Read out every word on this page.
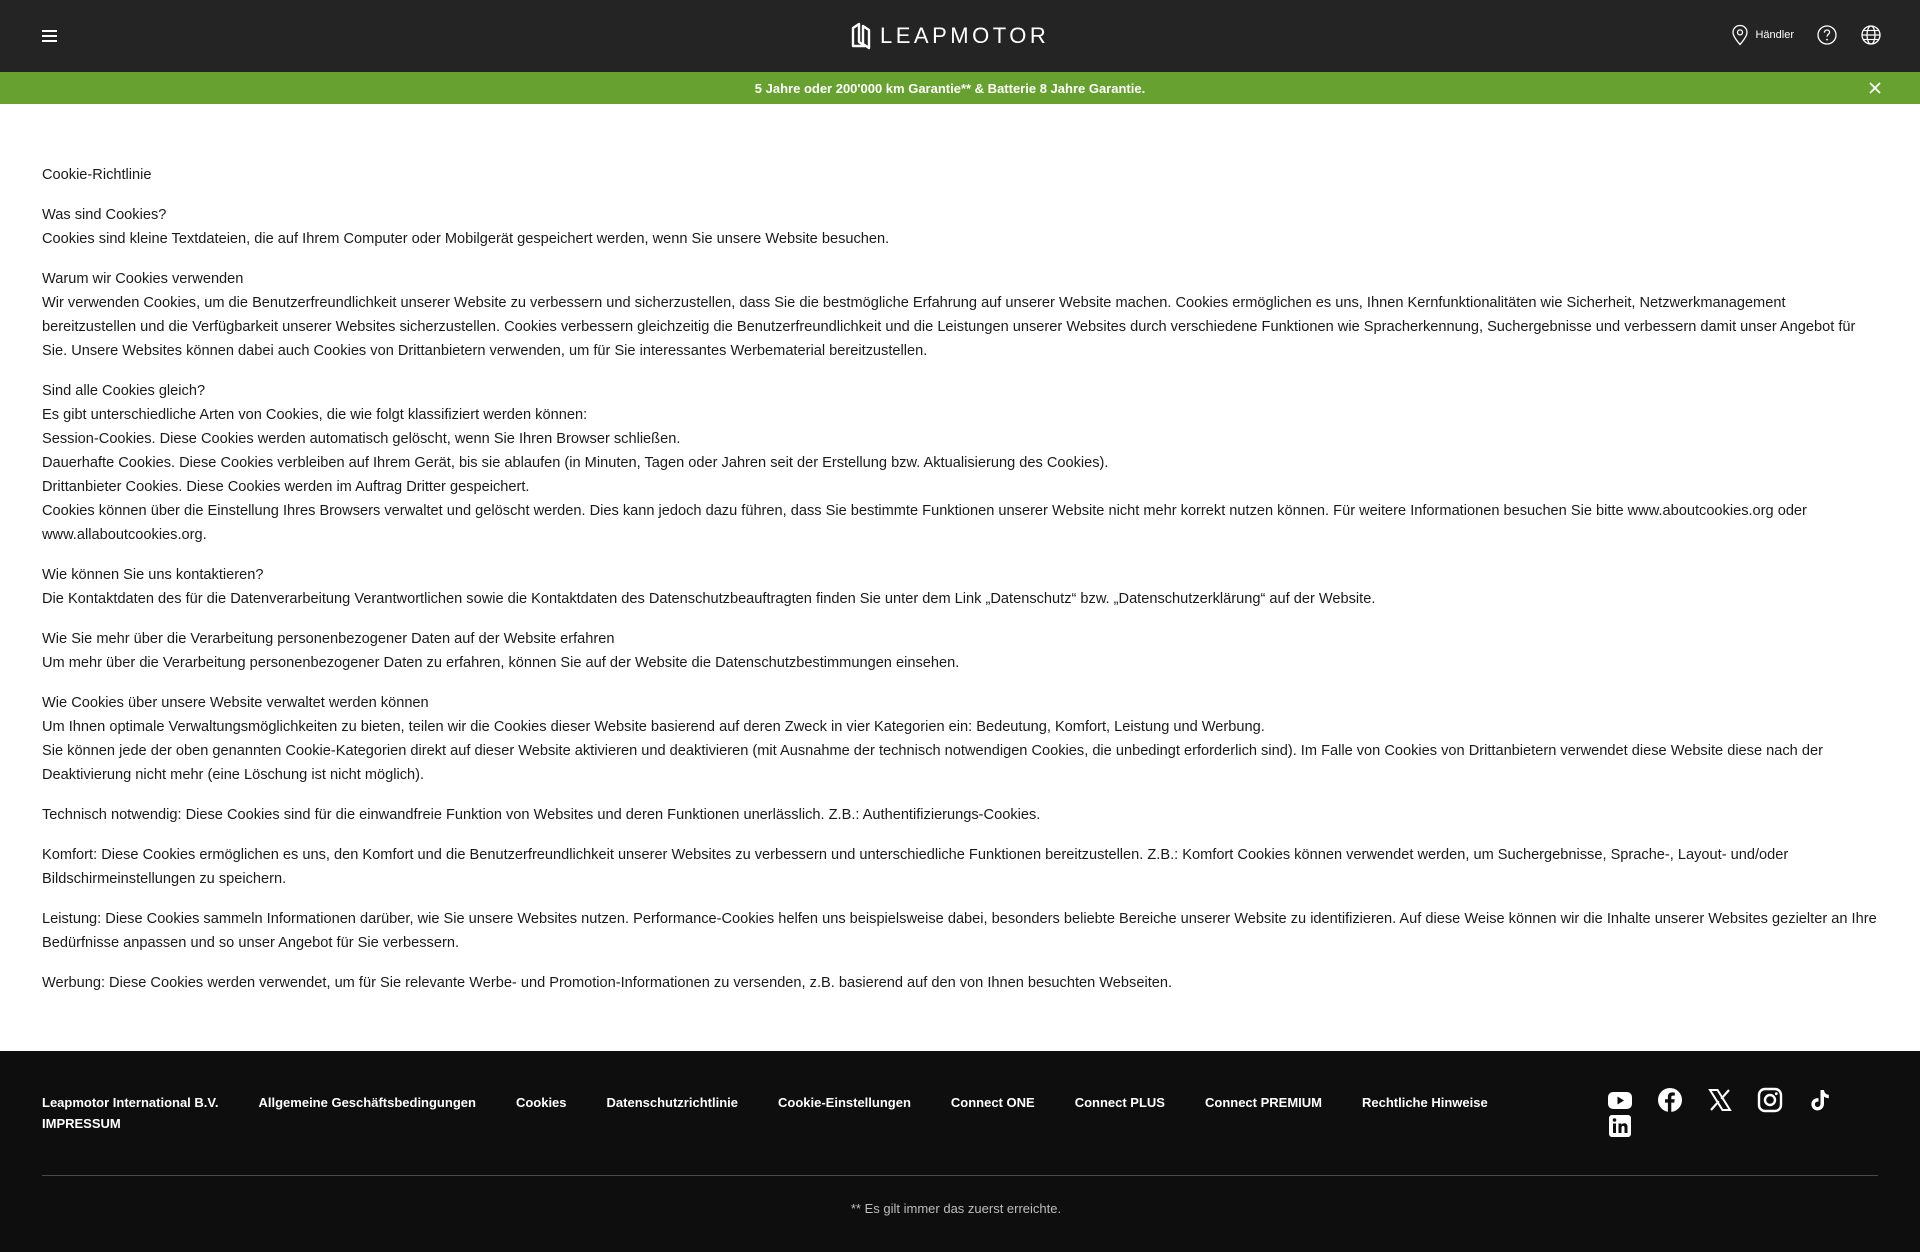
LEAPMOTOR	Händler
5 Jahre oder 200'000 km Garantie** & Batterie 8 Jahre Garantie.

Cookie-Richtlinie

Was sind Cookies?

Cookies sind kleine Textdateien, die auf Ihrem Computer oder Mobilgerät gespeichert werden, wenn Sie unsere Website besuchen.

Warum wir Cookies verwenden

Wir verwenden Cookies, um die Benutzerfreundlichkeit unserer Website zu verbessern und sicherzustellen, dass Sie die bestmögliche Erfahrung auf unserer Website machen. Cookies ermöglichen es uns, Ihnen Kernfunktionalitäten wie Sicherheit, Netzwerkmanagement bereitzustellen und die Verfügbarkeit unserer Websites sicherzustellen. Cookies verbessern gleichzeitig die Benutzerfreundlichkeit und die Leistungen unserer Websites durch verschiedene Funktionen wie Spracherkennung, Suchergebnisse und verbessern damit unser Angebot für Sie. Unsere Websites können dabei auch Cookies von Drittanbietern verwenden, um für Sie interessantes Werbematerial bereitzustellen.

Sind alle Cookies gleich?

Es gibt unterschiedliche Arten von Cookies, die wie folgt klassifiziert werden können:

Session-Cookies. Diese Cookies werden automatisch gelöscht, wenn Sie Ihren Browser schließen.

Dauerhafte Cookies. Diese Cookies verbleiben auf Ihrem Gerät, bis sie ablaufen (in Minuten, Tagen oder Jahren seit der Erstellung bzw. Aktualisierung des Cookies).

Drittanbieter Cookies. Diese Cookies werden im Auftrag Dritter gespeichert.

Cookies können über die Einstellung Ihres Browsers verwaltet und gelöscht werden. Dies kann jedoch dazu führen, dass Sie bestimmte Funktionen unserer Website nicht mehr korrekt nutzen können. Für weitere Informationen besuchen Sie bitte www.aboutcookies.org oder www.allaboutcookies.org.

Wie können Sie uns kontaktieren?

Die Kontaktdaten des für die Datenverarbeitung Verantwortlichen sowie die Kontaktdaten des Datenschutzbeauftragten finden Sie unter dem Link „Datenschutz“ bzw. „Datenschutzerklärung“ auf der Website.

Wie Sie mehr über die Verarbeitung personenbezogener Daten auf der Website erfahren

Um mehr über die Verarbeitung personenbezogener Daten zu erfahren, können Sie auf der Website die Datenschutzbestimmungen einsehen.

Wie Cookies über unsere Website verwaltet werden können

Um Ihnen optimale Verwaltungsmöglichkeiten zu bieten, teilen wir die Cookies dieser Website basierend auf deren Zweck in vier Kategorien ein: Bedeutung, Komfort, Leistung und Werbung.

Sie können jede der oben genannten Cookie-Kategorien direkt auf dieser Website aktivieren und deaktivieren (mit Ausnahme der technisch notwendigen Cookies, die unbedingt erforderlich sind). Im Falle von Cookies von Drittanbietern verwendet diese Website diese nach der Deaktivierung nicht mehr (eine Löschung ist nicht möglich).

Technisch notwendig: Diese Cookies sind für die einwandfreie Funktion von Websites und deren Funktionen unerlässlich. Z.B.: Authentifizierungs-Cookies.

Komfort: Diese Cookies ermöglichen es uns, den Komfort und die Benutzerfreundlichkeit unserer Websites zu verbessern und unterschiedliche Funktionen bereitzustellen. Z.B.: Komfort Cookies können verwendet werden, um Suchergebnisse, Sprache-, Layout- und/oder Bildschirmeinstellungen zu speichern.

Leistung: Diese Cookies sammeln Informationen darüber, wie Sie unsere Websites nutzen. Performance-Cookies helfen uns beispielsweise dabei, besonders beliebte Bereiche unserer Website zu identifizieren. Auf diese Weise können wir die Inhalte unserer Websites gezielter an Ihre Bedürfnisse anpassen und so unser Angebot für Sie verbessern.

Werbung: Diese Cookies werden verwendet, um für Sie relevante Werbe- und Promotion-Informationen zu versenden, z.B. basierend auf den von Ihnen besuchten Webseiten.

Leapmotor International B.V.	Allgemeine Geschäftsbedingungen	Cookies	Datenschutzrichtlinie	Cookie-Einstellungen	Connect ONE	Connect PLUS	Connect PREMIUM	Rechtliche Hinweise
IMPRESSUM
** Es gilt immer das zuerst erreichte.
